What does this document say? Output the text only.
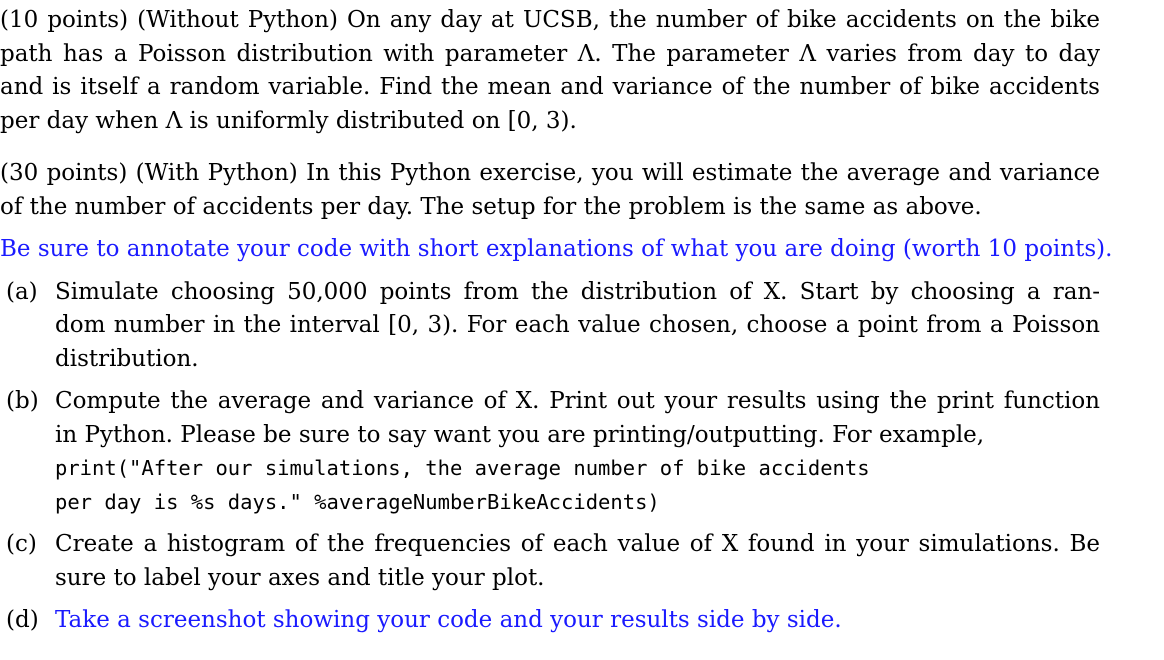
(10 points) (Without Python) On any day at UCSB, the number of bike accidents on the bike
path has a Poisson distribution with parameter Λ. The parameter Λ varies from day to day
and is itself a random variable. Find the mean and variance of the number of bike accidents
per day when Λ is uniformly distributed on [0, 3).
(30 points) (With Python) In this Python exercise, you will estimate the average and variance
of the number of accidents per day. The setup for the problem is the same as above.
Be sure to annotate your code with short explanations of what you are doing (worth 10 points).
(a) Simulate choosing 50,000 points from the distribution of X. Start by choosing a ran-
dom number in the interval [0, 3). For each value chosen, choose a point from a Poisson
distribution.
(b) Compute the average and variance of X. Print out your results using the print function
in Python. Please be sure to say want you are printing/outputting. For example,
print("After our simulations, the average number of bike accidents
per day is %s days." %averageNumberBikeAccidents)
(c) Create a histogram of the frequencies of each value of X found in your simulations. Be
sure to label your axes and title your plot.
(d) Take a screenshot showing your code and your results side by side.
